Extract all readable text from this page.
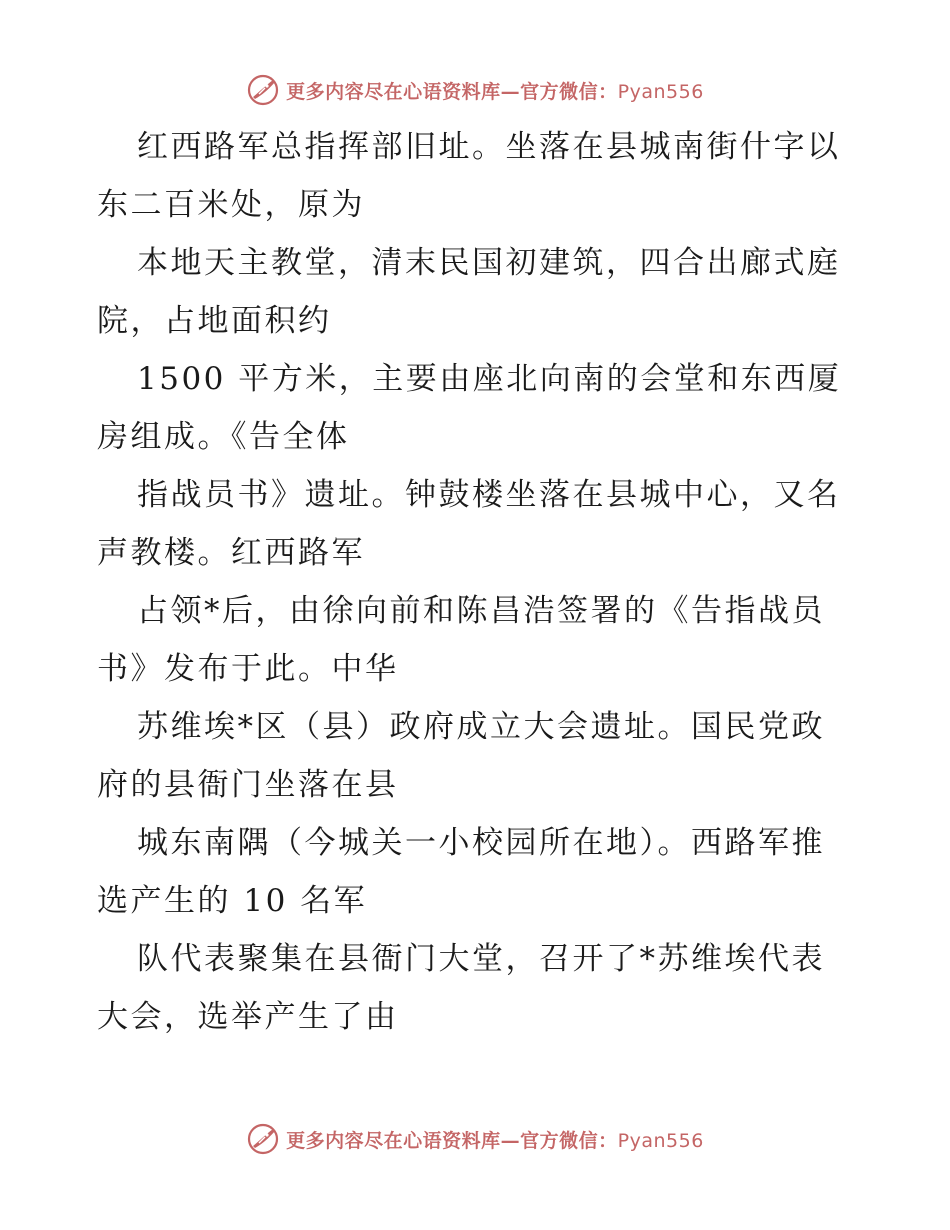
更多内容尽在心语资料库—官方微信：Pyan556

红西路军总指挥部旧址。坐落在县城南街什字以
东二百米处，原为

本地天主教堂，清末民国初建筑，四合出廊式庭
院，占地面积约

1500 平方米，主要由座北向南的会堂和东西厦
房组成。《告全体

指战员书》遗址。钟鼓楼坐落在县城中心，又名
声教楼。红西路军

占领*后，由徐向前和陈昌浩签署的《告指战员
书》发布于此。中华

苏维埃*区（县）政府成立大会遗址。国民党政
府的县衙门坐落在县

城东南隅（今城关一小校园所在地）。西路军推
选产生的 10 名军

队代表聚集在县衙门大堂，召开了*苏维埃代表
大会，选举产生了由

更多内容尽在心语资料库—官方微信：Pyan556
